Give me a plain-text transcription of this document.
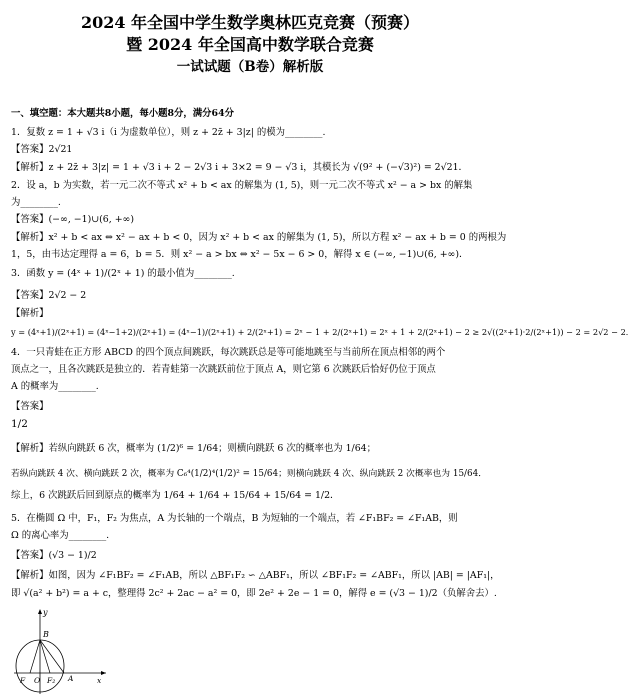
2024 年全国中学生数学奥林匹克竞赛（预赛）
暨 2024 年全国高中数学联合竞赛
一试试题（B卷）解析版
一、填空题：本大题共8小题，每小题8分，满分64分
1．复数 z = 1 + √3 i（i 为虚数单位），则 z + 2z̄ + 3|z| 的模为________.
【答案】2√21
【解析】z + 2z̄ + 3|z| = 1 + √3 i + 2 − 2√3 i + 3×2 = 9 − √3 i，其模长为 √(9² + (−√3)²) = 2√21．
2．设 a，b 为实数，若一元二次不等式 x² + b < ax 的解集为 (1, 5)，则一元二次不等式 x² − a > bx 的解集
为________.
【答案】(−∞, −1)∪(6, +∞)
【解析】x² + b < ax ⇔ x² − ax + b < 0，因为 x² + b < ax 的解集为 (1, 5)，所以方程 x² − ax + b = 0 的两根为
1，5，由韦达定理得 a = 6，b = 5．则 x² − a > bx ⇔ x² − 5x − 6 > 0，解得 x ∈ (−∞, −1)∪(6, +∞)．
3．函数 y = (4ˣ + 1)/(2ˣ + 1) 的最小值为________.
【答案】2√2 − 2
【解析】
y = (4ˣ+1)/(2ˣ+1) = (4ˣ−1+2)/(2ˣ+1) = (4ˣ−1)/(2ˣ+1) + 2/(2ˣ+1) = 2ˣ − 1 + 2/(2ˣ+1) = 2ˣ + 1 + 2/(2ˣ+1) − 2 ≥ 2√((2ˣ+1)·2/(2ˣ+1)) − 2 = 2√2 − 2．
4．一只青蛙在正方形 ABCD 的四个顶点间跳跃，每次跳跃总是等可能地跳至与当前所在顶点相邻的两个
顶点之一，且各次跳跃是独立的．若青蛙第一次跳跃前位于顶点 A，则它第 6 次跳跃后恰好仍位于顶点
A 的概率为________.
【答案】
1/2
【解析】若纵向跳跃 6 次，概率为 (1/2)⁶ = 1/64；则横向跳跃 6 次的概率也为 1/64；
若纵向跳跃 4 次、横向跳跃 2 次，概率为 C₆⁴(1/2)⁴(1/2)² = 15/64；则横向跳跃 4 次、纵向跳跃 2 次概率也为 15/64．
综上，6 次跳跃后回到原点的概率为 1/64 + 1/64 + 15/64 + 15/64 = 1/2．
5．在椭圆 Ω 中，F₁，F₂ 为焦点，A 为长轴的一个端点，B 为短轴的一个端点，若 ∠F₁BF₂ = ∠F₁AB，则
Ω 的离心率为________.
【答案】(√3 − 1)/2
【解析】如图，因为 ∠F₁BF₂ = ∠F₁AB，所以 △BF₁F₂ ∽ △ABF₁，所以 ∠BF₁F₂ = ∠ABF₁，所以 |AB| = |AF₁|，
即 √(a² + b²) = a + c，整理得 2c² + 2ac − a² = 0，即 2e² + 2e − 1 = 0，解得 e = (√3 − 1)/2（负解舍去）.
y
B
F O F₂ A	x
